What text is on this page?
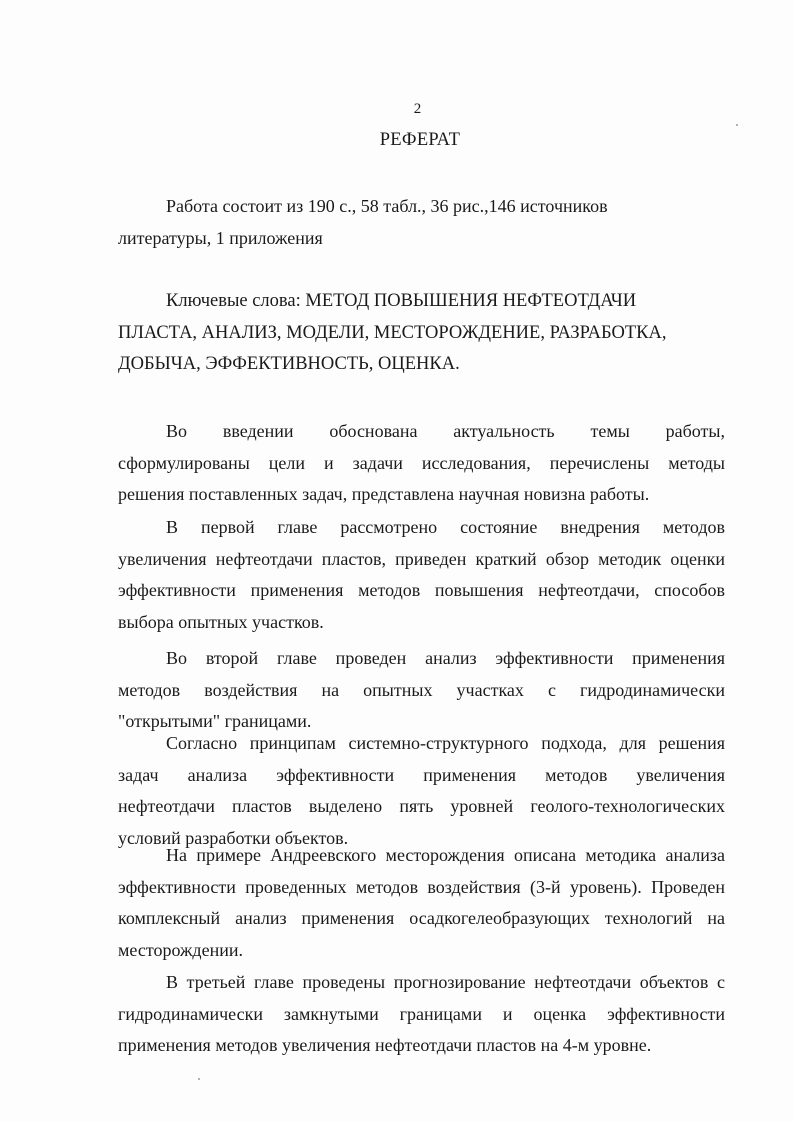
2
РЕФЕРАТ
Работа состоит из 190 с., 58 табл., 36 рис.,146 источников
литературы, 1 приложения
Ключевые слова: МЕТОД ПОВЫШЕНИЯ НЕФТЕОТДАЧИ
ПЛАСТА, АНАЛИЗ, МОДЕЛИ, МЕСТОРОЖДЕНИЕ, РАЗРАБОТКА,
ДОБЫЧА, ЭФФЕКТИВНОСТЬ, ОЦЕНКА.
Во введении обоснована актуальность темы работы,
сформулированы цели и задачи исследования, перечислены методы
решения поставленных задач, представлена научная новизна работы.
В первой главе рассмотрено состояние внедрения методов
увеличения нефтеотдачи пластов, приведен краткий обзор методик оценки
эффективности применения методов повышения нефтеотдачи, способов
выбора опытных участков.
Во второй главе проведен анализ эффективности применения
методов воздействия на опытных участках с гидродинамически
"открытыми" границами.
Согласно принципам системно-структурного подхода, для решения
задач анализа эффективности применения методов увеличения
нефтеотдачи пластов выделено пять уровней геолого-технологических
условий разработки объектов.
На примере Андреевского месторождения описана методика анализа
эффективности проведенных методов воздействия (3-й уровень). Проведен
комплексный анализ применения осадкогелеобразующих технологий на
месторождении.
В третьей главе проведены прогнозирование нефтеотдачи объектов с
гидродинамически замкнутыми границами и оценка эффективности
применения методов увеличения нефтеотдачи пластов на 4-м уровне.
